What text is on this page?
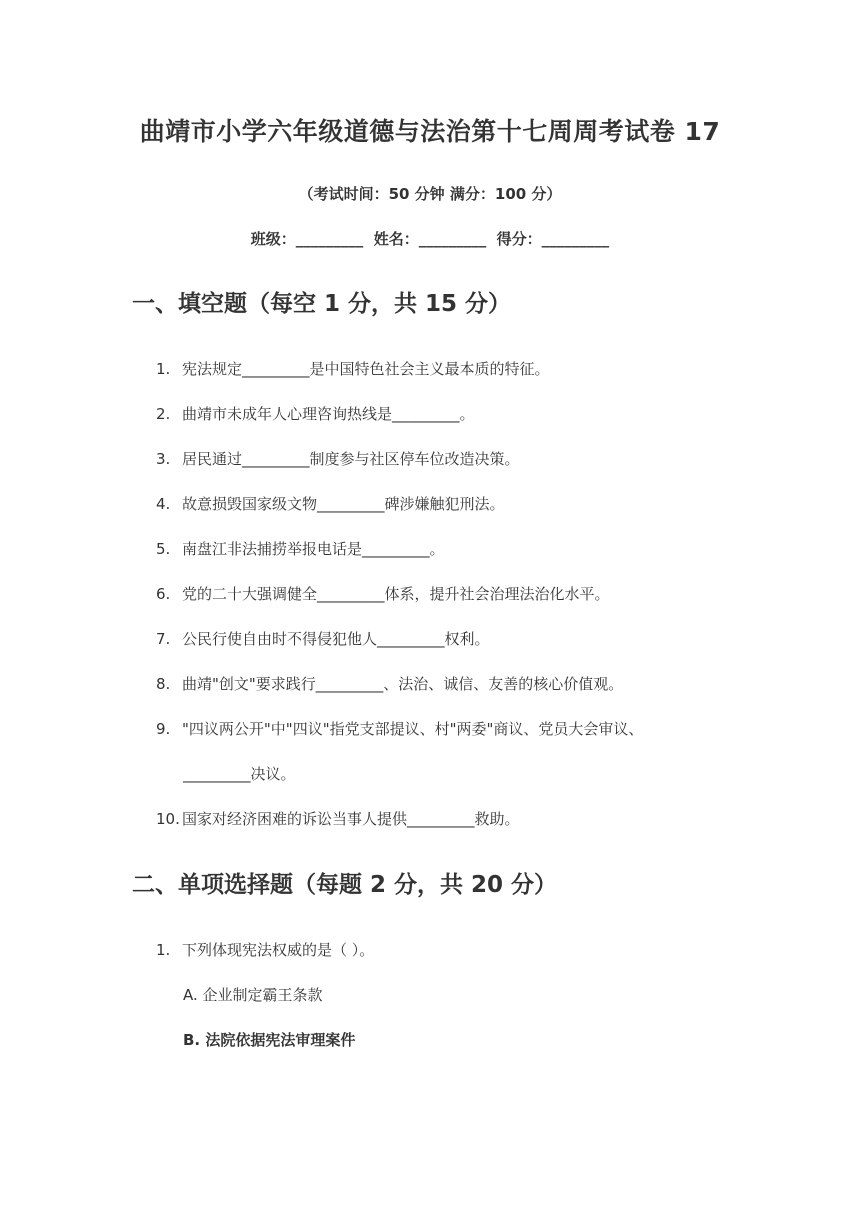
曲靖市小学六年级道德与法治第十七周周考试卷 17
（考试时间：50 分钟 满分：100 分）
班级：_________  姓名：_________  得分：_________
一、填空题（每空 1 分，共 15 分）
1. 宪法规定_________是中国特色社会主义最本质的特征。
2. 曲靖市未成年人心理咨询热线是_________。
3. 居民通过_________制度参与社区停车位改造决策。
4. 故意损毁国家级文物_________碑涉嫌触犯刑法。
5. 南盘江非法捕捞举报电话是_________。
6. 党的二十大强调健全_________体系，提升社会治理法治化水平。
7. 公民行使自由时不得侵犯他人_________权利。
8. 曲靖"创文"要求践行_________、法治、诚信、友善的核心价值观。
9. "四议两公开"中"四议"指党支部提议、村"两委"商议、党员大会审议、
_________决议。
10. 国家对经济困难的诉讼当事人提供_________救助。
二、单项选择题（每题 2 分，共 20 分）
1. 下列体现宪法权威的是（ ）。
A. 企业制定霸王条款
B. 法院依据宪法审理案件
